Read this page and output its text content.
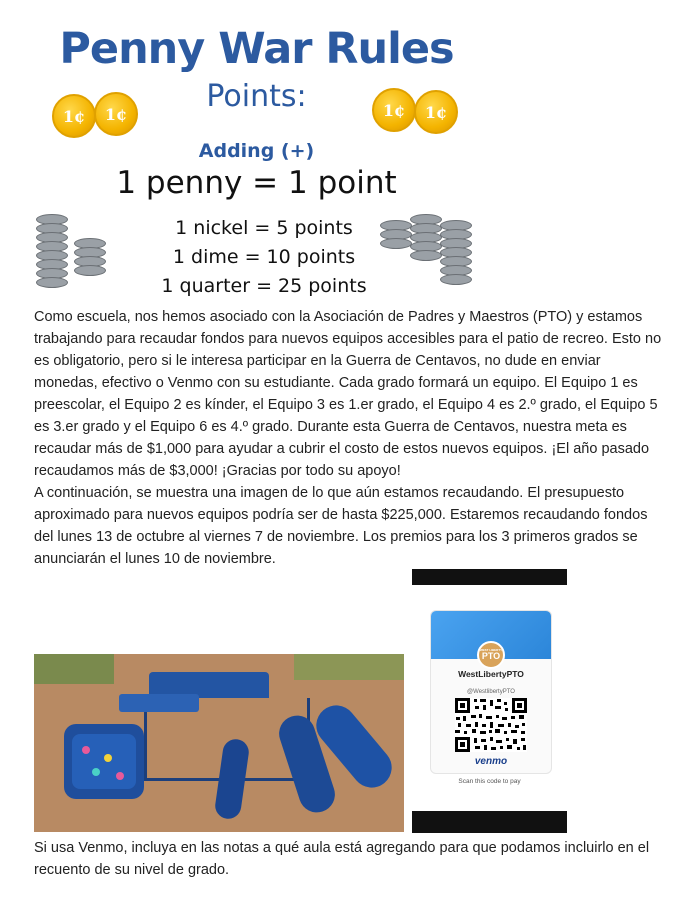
Penny War Rules
Points:
1¢	1¢	1¢	1¢
Adding (+)
1 penny = 1 point
1 nickel = 5 points
1 dime = 10 points
1 quarter = 25 points

Como escuela, nos hemos asociado con la Asociación de Padres y Maestros (PTO) y estamos trabajando para recaudar fondos para nuevos equipos accesibles para el patio de recreo. Esto no es obligatorio, pero si le interesa participar en la Guerra de Centavos, no dude en enviar monedas, efectivo o Venmo con su estudiante. Cada grado formará un equipo. El Equipo 1 es preescolar, el Equipo 2 es kínder, el Equipo 3 es 1.er grado, el Equipo 4 es 2.º grado, el Equipo 5 es 3.er grado y el Equipo 6 es 4.º grado. Durante esta Guerra de Centavos, nuestra meta es recaudar más de $1,000 para ayudar a cubrir el costo de estos nuevos equipos. ¡El año pasado recaudamos más de $3,000! ¡Gracias por todo su apoyo!

A continuación, se muestra una imagen de lo que aún estamos recaudando. El presupuesto aproximado para nuevos equipos podría ser de hasta $225,000. Estaremos recaudando fondos del lunes 13 de octubre al viernes 7 de noviembre. Los premios para los 3 primeros grados se anunciarán el lunes 10 de noviembre.

WEST LIBERTY
PTO
WestLibertyPTO
@WestlibertyPTO
venmo
Scan this code to pay

Si usa Venmo, incluya en las notas a qué aula está agregando para que podamos incluirlo en el recuento de su nivel de grado.
